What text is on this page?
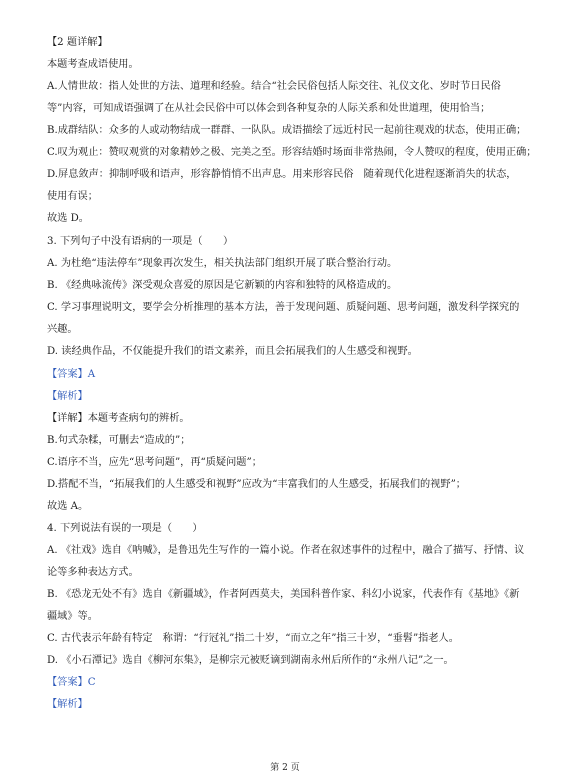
【2 题详解】
本题考查成语使用。
A.人情世故：指人处世的方法、道理和经验。结合“社会民俗包括人际交往、礼仪文化、岁时节日民俗
等”内容，可知成语强调了在从社会民俗中可以体会到各种复杂的人际关系和处世道理，使用恰当；
B.成群结队：众多的人或动物结成一群群、一队队。成语描绘了远近村民一起前往观戏的状态，使用正确；
C.叹为观止：赞叹观赏的对象精妙之极、完美之至。形容结婚时场面非常热闹，令人赞叹的程度，使用正确；
D.屏息敛声：抑制呼吸和语声，形容静悄悄不出声息。用来形容民俗　随着现代化进程逐渐消失的状态，
使用有误；
故选 D。
3. 下列句子中没有语病的一项是（　　）
A. 为杜绝“违法停车”现象再次发生，相关执法部门组织开展了联合整治行动。
B. 《经典咏流传》深受观众喜爱的原因是它新颖的内容和独特的风格造成的。
C. 学习事理说明文，要学会分析推理的基本方法，善于发现问题、质疑问题、思考问题，激发科学探究的
兴趣。
D. 读经典作品，不仅能提升我们的语文素养，而且会拓展我们的人生感受和视野。
【答案】A
【解析】
【详解】本题考查病句的辨析。
B.句式杂糅，可删去“造成的”；
C.语序不当，应先“思考问题”，再“质疑问题”；
D.搭配不当，“拓展我们的人生感受和视野”应改为“丰富我们的人生感受，拓展我们的视野”；
故选 A。
4. 下列说法有误的一项是（　　）
A. 《社戏》选自《呐喊》，是鲁迅先生写作的一篇小说。作者在叙述事件的过程中，融合了描写、抒情、议
论等多种表达方式。
B. 《恐龙无处不有》选自《新疆域》，作者阿西莫夫，美国科普作家、科幻小说家，代表作有《基地》《新
疆域》等。
C. 古代表示年龄有特定　称谓：“行冠礼”指二十岁，“而立之年”指三十岁，“垂髫”指老人。
D. 《小石潭记》选自《柳河东集》，是柳宗元被贬谪到湖南永州后所作的“永州八记”之一。
【答案】C
【解析】
第 2 页
